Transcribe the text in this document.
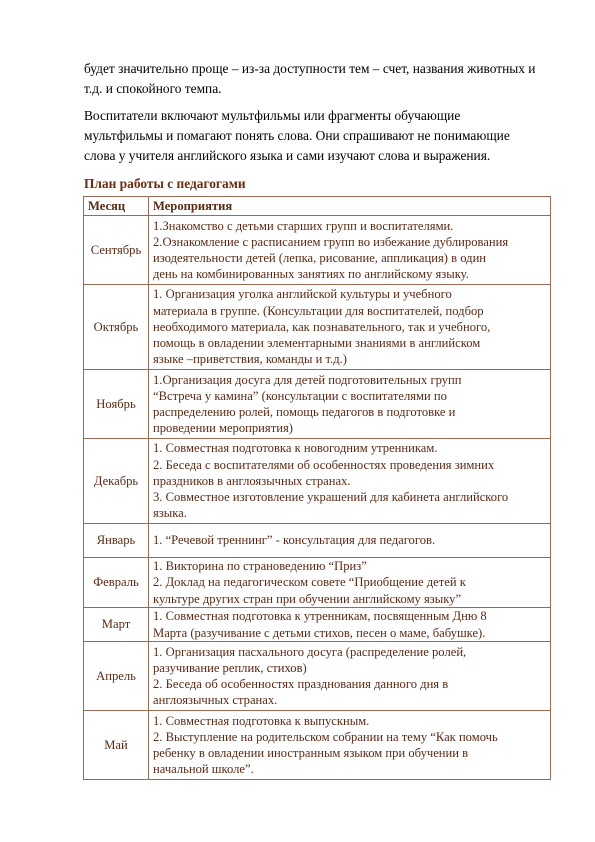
будет значительно проще – из-за доступности тем – счет, названия животных и
т.д. и спокойного темпа.

Воспитатели включают мультфильмы или фрагменты обучающие
мультфильмы и помагают понять слова. Они спрашивают не понимающие
слова у учителя английского языка и сами изучают слова и выражения.

План работы с педагогами
Месяц	Мероприятия
Сентябрь	1.Знакомство с детьми старших групп и воспитателями.
2.Ознакомление с расписанием групп во избежание дублирования
изодеятельности детей (лепка, рисование, аппликация) в один
день на комбинированных занятиях по английскому языку.

Октябрь	1. Организация уголка английской культуры и учебного
материала в группе. (Консультации для воспитателей, подбор
необходимого материала, как познавательного, так и учебного,
помощь в овладении элементарными знаниями в английском
языке –приветствия, команды и т.д.)

Ноябрь	1.Организация досуга для детей подготовительных групп
“Встреча у камина” (консультации с воспитателями по
распределению ролей, помощь педагогов в подготовке и
проведении мероприятия)

Декабрь	1. Совместная подготовка к новогодним утренникам.
2. Беседа с воспитателями об особенностях проведения зимних
праздников в англоязычных странах.
3. Совместное изготовление украшений для кабинета английского
языка.

Январь	1. “Речевой треннинг” - консультация для педагогов.

Февраль	1. Викторина по страноведению “Приз”
2. Доклад на педагогическом совете “Приобщение детей к
культуре других стран при обучении английскому языку”

Март	1. Совместная подготовка к утренникам, посвященным Дню 8
Марта (разучивание с детьми стихов, песен о маме, бабушке).

Апрель	1. Организация пасхального досуга (распределение ролей,
разучивание реплик, стихов)
2. Беседа об особенностях празднования данного дня в
англоязычных странах.

Май	1. Совместная подготовка к выпускным.
2. Выступление на родительском собрании на тему “Как помочь
ребенку в овладении иностранным языком при обучении в
начальной школе”.
